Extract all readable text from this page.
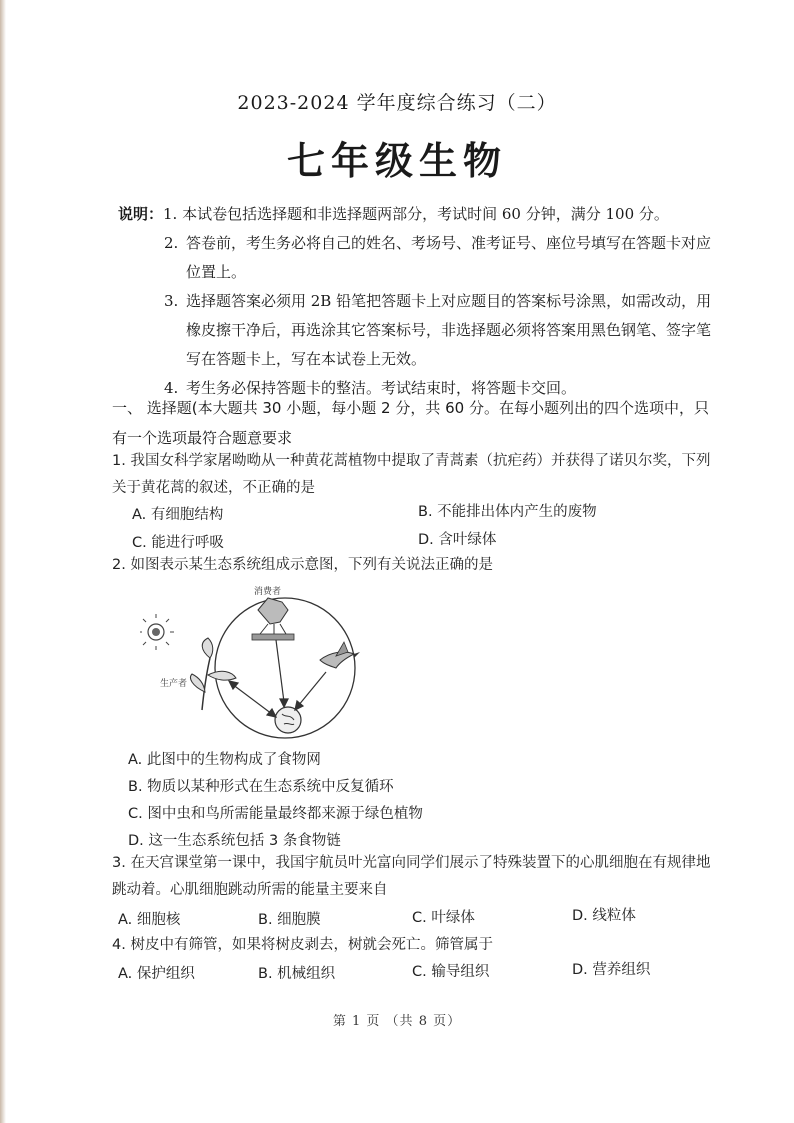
2023-2024 学年度综合练习（二）
七年级生物
说明：1. 本试卷包括选择题和非选择题两部分，考试时间 60 分钟，满分 100 分。
2. 答卷前，考生务必将自己的姓名、考场号、准考证号、座位号填写在答题卡对应位置上。
3. 选择题答案必须用 2B 铅笔把答题卡上对应题目的答案标号涂黑，如需改动，用橡皮擦干净后，再选涂其它答案标号，非选择题必须将答案用黑色钢笔、签字笔写在答题卡上，写在本试卷上无效。
4. 考生务必保持答题卡的整洁。考试结束时，将答题卡交回。
一、 选择题(本大题共 30 小题，每小题 2 分，共 60 分。在每小题列出的四个选项中，只有一个选项最符合题意要求
1. 我国女科学家屠呦呦从一种黄花蒿植物中提取了青蒿素（抗疟药）并获得了诺贝尔奖，下列关于黄花蒿的叙述，不正确的是
A. 有细胞结构	B. 不能排出体内产生的废物
C. 能进行呼吸	D. 含叶绿体
2. 如图表示某生态系统组成示意图，下列有关说法正确的是
消费者
生产者
A. 此图中的生物构成了食物网
B. 物质以某种形式在生态系统中反复循环
C. 图中虫和鸟所需能量最终都来源于绿色植物
D. 这一生态系统包括 3 条食物链
3. 在天宫课堂第一课中，我国宇航员叶光富向同学们展示了特殊装置下的心肌细胞在有规律地跳动着。心肌细胞跳动所需的能量主要来自
A. 细胞核	B. 细胞膜	C. 叶绿体	D. 线粒体
4. 树皮中有筛管，如果将树皮剥去，树就会死亡。筛管属于
A. 保护组织	B. 机械组织	C. 输导组织	D. 营养组织
第 1 页 （共 8 页）
